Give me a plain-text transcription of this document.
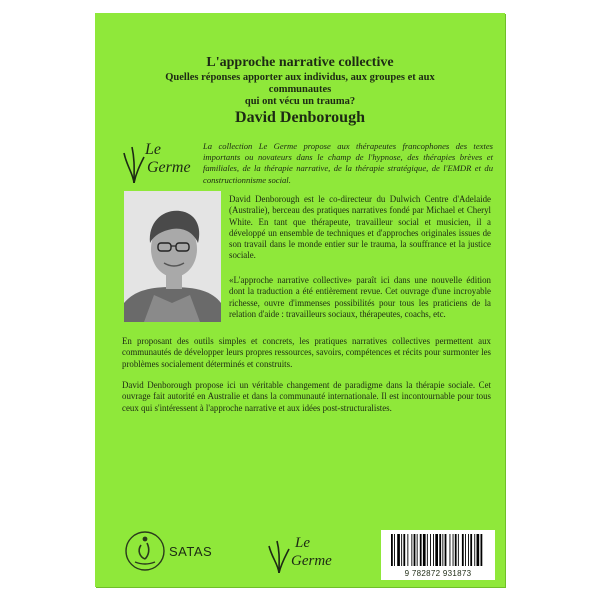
L'approche narrative collective
Quelles réponses apporter aux individus, aux groupes et aux communautes
qui ont vécu un trauma?
David Denborough
Le
Germe
La collection Le Germe propose aux thérapeutes francophones des textes importants ou novateurs dans le champ de l'hypnose, des thérapies brèves et familiales, de la thérapie narrative, de la thérapie stratégique, de l'EMDR et du constructionnisme social.
David Denborough est le co-directeur du Dulwich Centre d'Adelaide (Australie), berceau des pratiques narratives fondé par Michael et Cheryl White. En tant que thérapeute, travailleur social et musicien, il a développé un ensemble de techniques et d'approches originales issues de son travail dans le monde entier sur le trauma, la souffrance et la justice sociale.
«L'approche narrative collective» paraît ici dans une nouvelle édition dont la traduction a été entièrement revue. Cet ouvrage d'une incroyable richesse, ouvre d'immenses possibilités pour tous les praticiens de la relation d'aide : travailleurs sociaux, thérapeutes, coachs, etc.
En proposant des outils simples et concrets, les pratiques narratives collectives permettent aux communautés de développer leurs propres ressources, savoirs, compétences et récits pour surmonter les problèmes socialement déterminés et construits.
David Denborough propose ici un véritable changement de paradigme dans la thérapie sociale. Cet ouvrage fait autorité en Australie et dans la communauté internationale. Il est incontournable pour tous ceux qui s'intéressent à l'approche narrative et aux idées post-structuralistes.
SATAS
Le
Germe
9 782872 931873
